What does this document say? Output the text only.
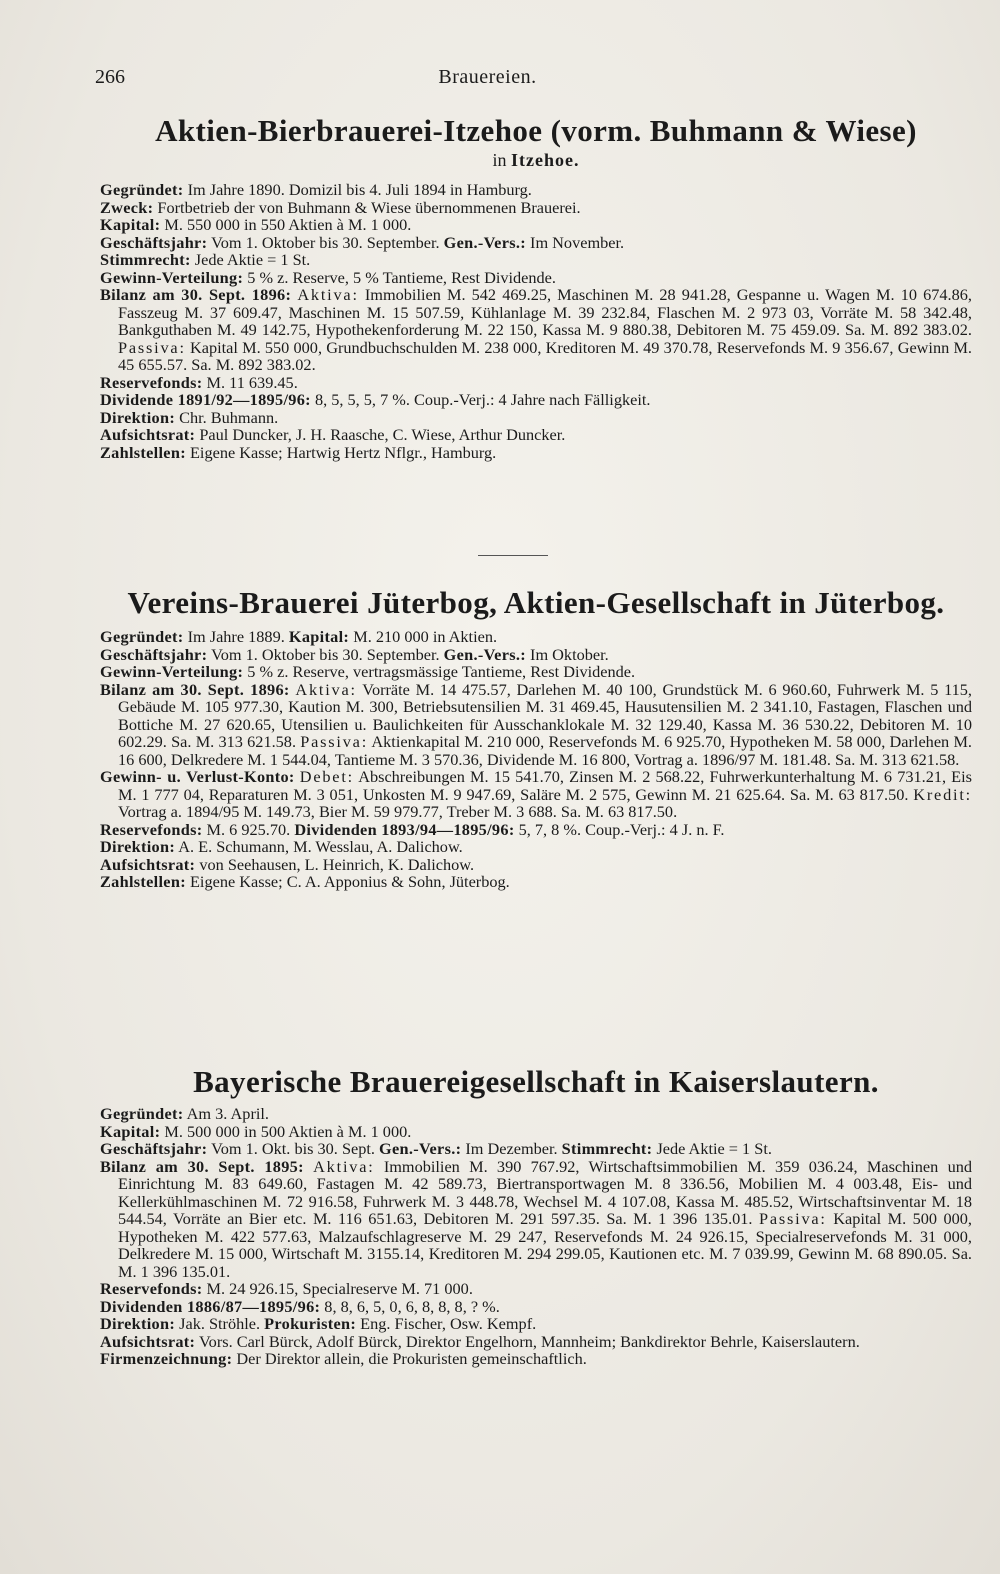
266	Brauereien.
Aktien-Bierbrauerei-Itzehoe (vorm. Buhmann & Wiese)
in Itzehoe.

Gegründet: Im Jahre 1890. Domizil bis 4. Juli 1894 in Hamburg.

Zweck: Fortbetrieb der von Buhmann & Wiese übernommenen Brauerei.

Kapital: M. 550 000 in 550 Aktien à M. 1 000.

Geschäftsjahr: Vom 1. Oktober bis 30. September. Gen.-Vers.: Im November.

Stimmrecht: Jede Aktie = 1 St.

Gewinn-Verteilung: 5 % z. Reserve, 5 % Tantieme, Rest Dividende.

Bilanz am 30. Sept. 1896: Aktiva: Immobilien M. 542 469.25, Maschinen M. 28 941.28, Gespanne u. Wagen M. 10 674.86, Fasszeug M. 37 609.47, Maschinen M. 15 507.59, Kühlanlage M. 39 232.84, Flaschen M. 2 973 03, Vorräte M. 58 342.48, Bankguthaben M. 49 142.75, Hypothekenforderung M. 22 150, Kassa M. 9 880.38, Debitoren M. 75 459.09. Sa. M. 892 383.02. Passiva: Kapital M. 550 000, Grundbuchschulden M. 238 000, Kreditoren M. 49 370.78, Reservefonds M. 9 356.67, Gewinn M. 45 655.57. Sa. M. 892 383.02.

Reservefonds: M. 11 639.45.

Dividende 1891/92—1895/96: 8, 5, 5, 5, 7 %. Coup.-Verj.: 4 Jahre nach Fälligkeit.

Direktion: Chr. Buhmann.

Aufsichtsrat: Paul Duncker, J. H. Raasche, C. Wiese, Arthur Duncker.

Zahlstellen: Eigene Kasse; Hartwig Hertz Nflgr., Hamburg.

Vereins-Brauerei Jüterbog, Aktien-Gesellschaft in Jüterbog.

Gegründet: Im Jahre 1889. Kapital: M. 210 000 in Aktien.

Geschäftsjahr: Vom 1. Oktober bis 30. September. Gen.-Vers.: Im Oktober.

Gewinn-Verteilung: 5 % z. Reserve, vertragsmässige Tantieme, Rest Dividende.

Bilanz am 30. Sept. 1896: Aktiva: Vorräte M. 14 475.57, Darlehen M. 40 100, Grundstück M. 6 960.60, Fuhrwerk M. 5 115, Gebäude M. 105 977.30, Kaution M. 300, Betriebsutensilien M. 31 469.45, Hausutensilien M. 2 341.10, Fastagen, Flaschen und Bottiche M. 27 620.65, Utensilien u. Baulichkeiten für Ausschanklokale M. 32 129.40, Kassa M. 36 530.22, Debitoren M. 10 602.29. Sa. M. 313 621.58. Passiva: Aktienkapital M. 210 000, Reservefonds M. 6 925.70, Hypotheken M. 58 000, Darlehen M. 16 600, Delkredere M. 1 544.04, Tantieme M. 3 570.36, Dividende M. 16 800, Vortrag a. 1896/97 M. 181.48. Sa. M. 313 621.58.

Gewinn- u. Verlust-Konto: Debet: Abschreibungen M. 15 541.70, Zinsen M. 2 568.22, Fuhrwerkunterhaltung M. 6 731.21, Eis M. 1 777 04, Reparaturen M. 3 051, Unkosten M. 9 947.69, Saläre M. 2 575, Gewinn M. 21 625.64. Sa. M. 63 817.50. Kredit: Vortrag a. 1894/95 M. 149.73, Bier M. 59 979.77, Treber M. 3 688. Sa. M. 63 817.50.

Reservefonds: M. 6 925.70. Dividenden 1893/94—1895/96: 5, 7, 8 %. Coup.-Verj.: 4 J. n. F.

Direktion: A. E. Schumann, M. Wesslau, A. Dalichow.

Aufsichtsrat: von Seehausen, L. Heinrich, K. Dalichow.

Zahlstellen: Eigene Kasse; C. A. Apponius & Sohn, Jüterbog.

Bayerische Brauereigesellschaft in Kaiserslautern.

Gegründet: Am 3. April.

Kapital: M. 500 000 in 500 Aktien à M. 1 000.

Geschäftsjahr: Vom 1. Okt. bis 30. Sept. Gen.-Vers.: Im Dezember. Stimmrecht: Jede Aktie = 1 St.

Bilanz am 30. Sept. 1895: Aktiva: Immobilien M. 390 767.92, Wirtschaftsimmobilien M. 359 036.24, Maschinen und Einrichtung M. 83 649.60, Fastagen M. 42 589.73, Biertransportwagen M. 8 336.56, Mobilien M. 4 003.48, Eis- und Kellerkühlmaschinen M. 72 916.58, Fuhrwerk M. 3 448.78, Wechsel M. 4 107.08, Kassa M. 485.52, Wirtschaftsinventar M. 18 544.54, Vorräte an Bier etc. M. 116 651.63, Debitoren M. 291 597.35. Sa. M. 1 396 135.01. Passiva: Kapital M. 500 000, Hypotheken M. 422 577.63, Malzaufschlagreserve M. 29 247, Reservefonds M. 24 926.15, Specialreservefonds M. 31 000, Delkredere M. 15 000, Wirtschaft M. 3155.14, Kreditoren M. 294 299.05, Kautionen etc. M. 7 039.99, Gewinn M. 68 890.05. Sa. M. 1 396 135.01.

Reservefonds: M. 24 926.15, Specialreserve M. 71 000.

Dividenden 1886/87—1895/96: 8, 8, 6, 5, 0, 6, 8, 8, 8, ? %.

Direktion: Jak. Ströhle. Prokuristen: Eng. Fischer, Osw. Kempf.

Aufsichtsrat: Vors. Carl Bürck, Adolf Bürck, Direktor Engelhorn, Mannheim; Bankdirektor Behrle, Kaiserslautern.

Firmenzeichnung: Der Direktor allein, die Prokuristen gemeinschaftlich.
